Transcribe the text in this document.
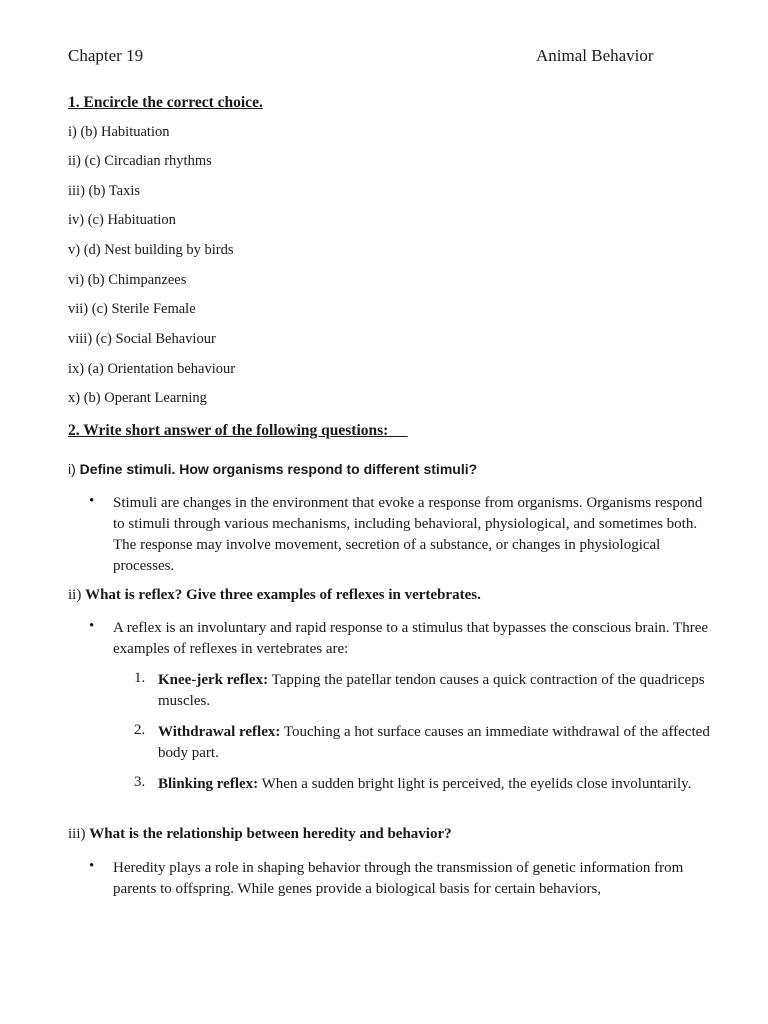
Chapter 19	Animal Behavior
1. Encircle the correct choice.
i) (b) Habituation
ii) (c) Circadian rhythms
iii) (b) Taxis
iv) (c) Habituation
v) (d) Nest building by birds
vi) (b) Chimpanzees
vii) (c) Sterile Female
viii) (c) Social Behaviour
ix) (a) Orientation behaviour
x) (b) Operant Learning
2. Write short answer of the following questions:
i) Define stimuli. How organisms respond to different stimuli?
• Stimuli are changes in the environment that evoke a response from organisms. Organisms respond to stimuli through various mechanisms, including behavioral, physiological, and sometimes both. The response may involve movement, secretion of a substance, or changes in physiological processes.
ii) What is reflex? Give three examples of reflexes in vertebrates.
• A reflex is an involuntary and rapid response to a stimulus that bypasses the conscious brain. Three examples of reflexes in vertebrates are:
1. Knee-jerk reflex: Tapping the patellar tendon causes a quick contraction of the quadriceps muscles.
2. Withdrawal reflex: Touching a hot surface causes an immediate withdrawal of the affected body part.
3. Blinking reflex: When a sudden bright light is perceived, the eyelids close involuntarily.
iii) What is the relationship between heredity and behavior?
• Heredity plays a role in shaping behavior through the transmission of genetic information from parents to offspring. While genes provide a biological basis for certain behaviors,
